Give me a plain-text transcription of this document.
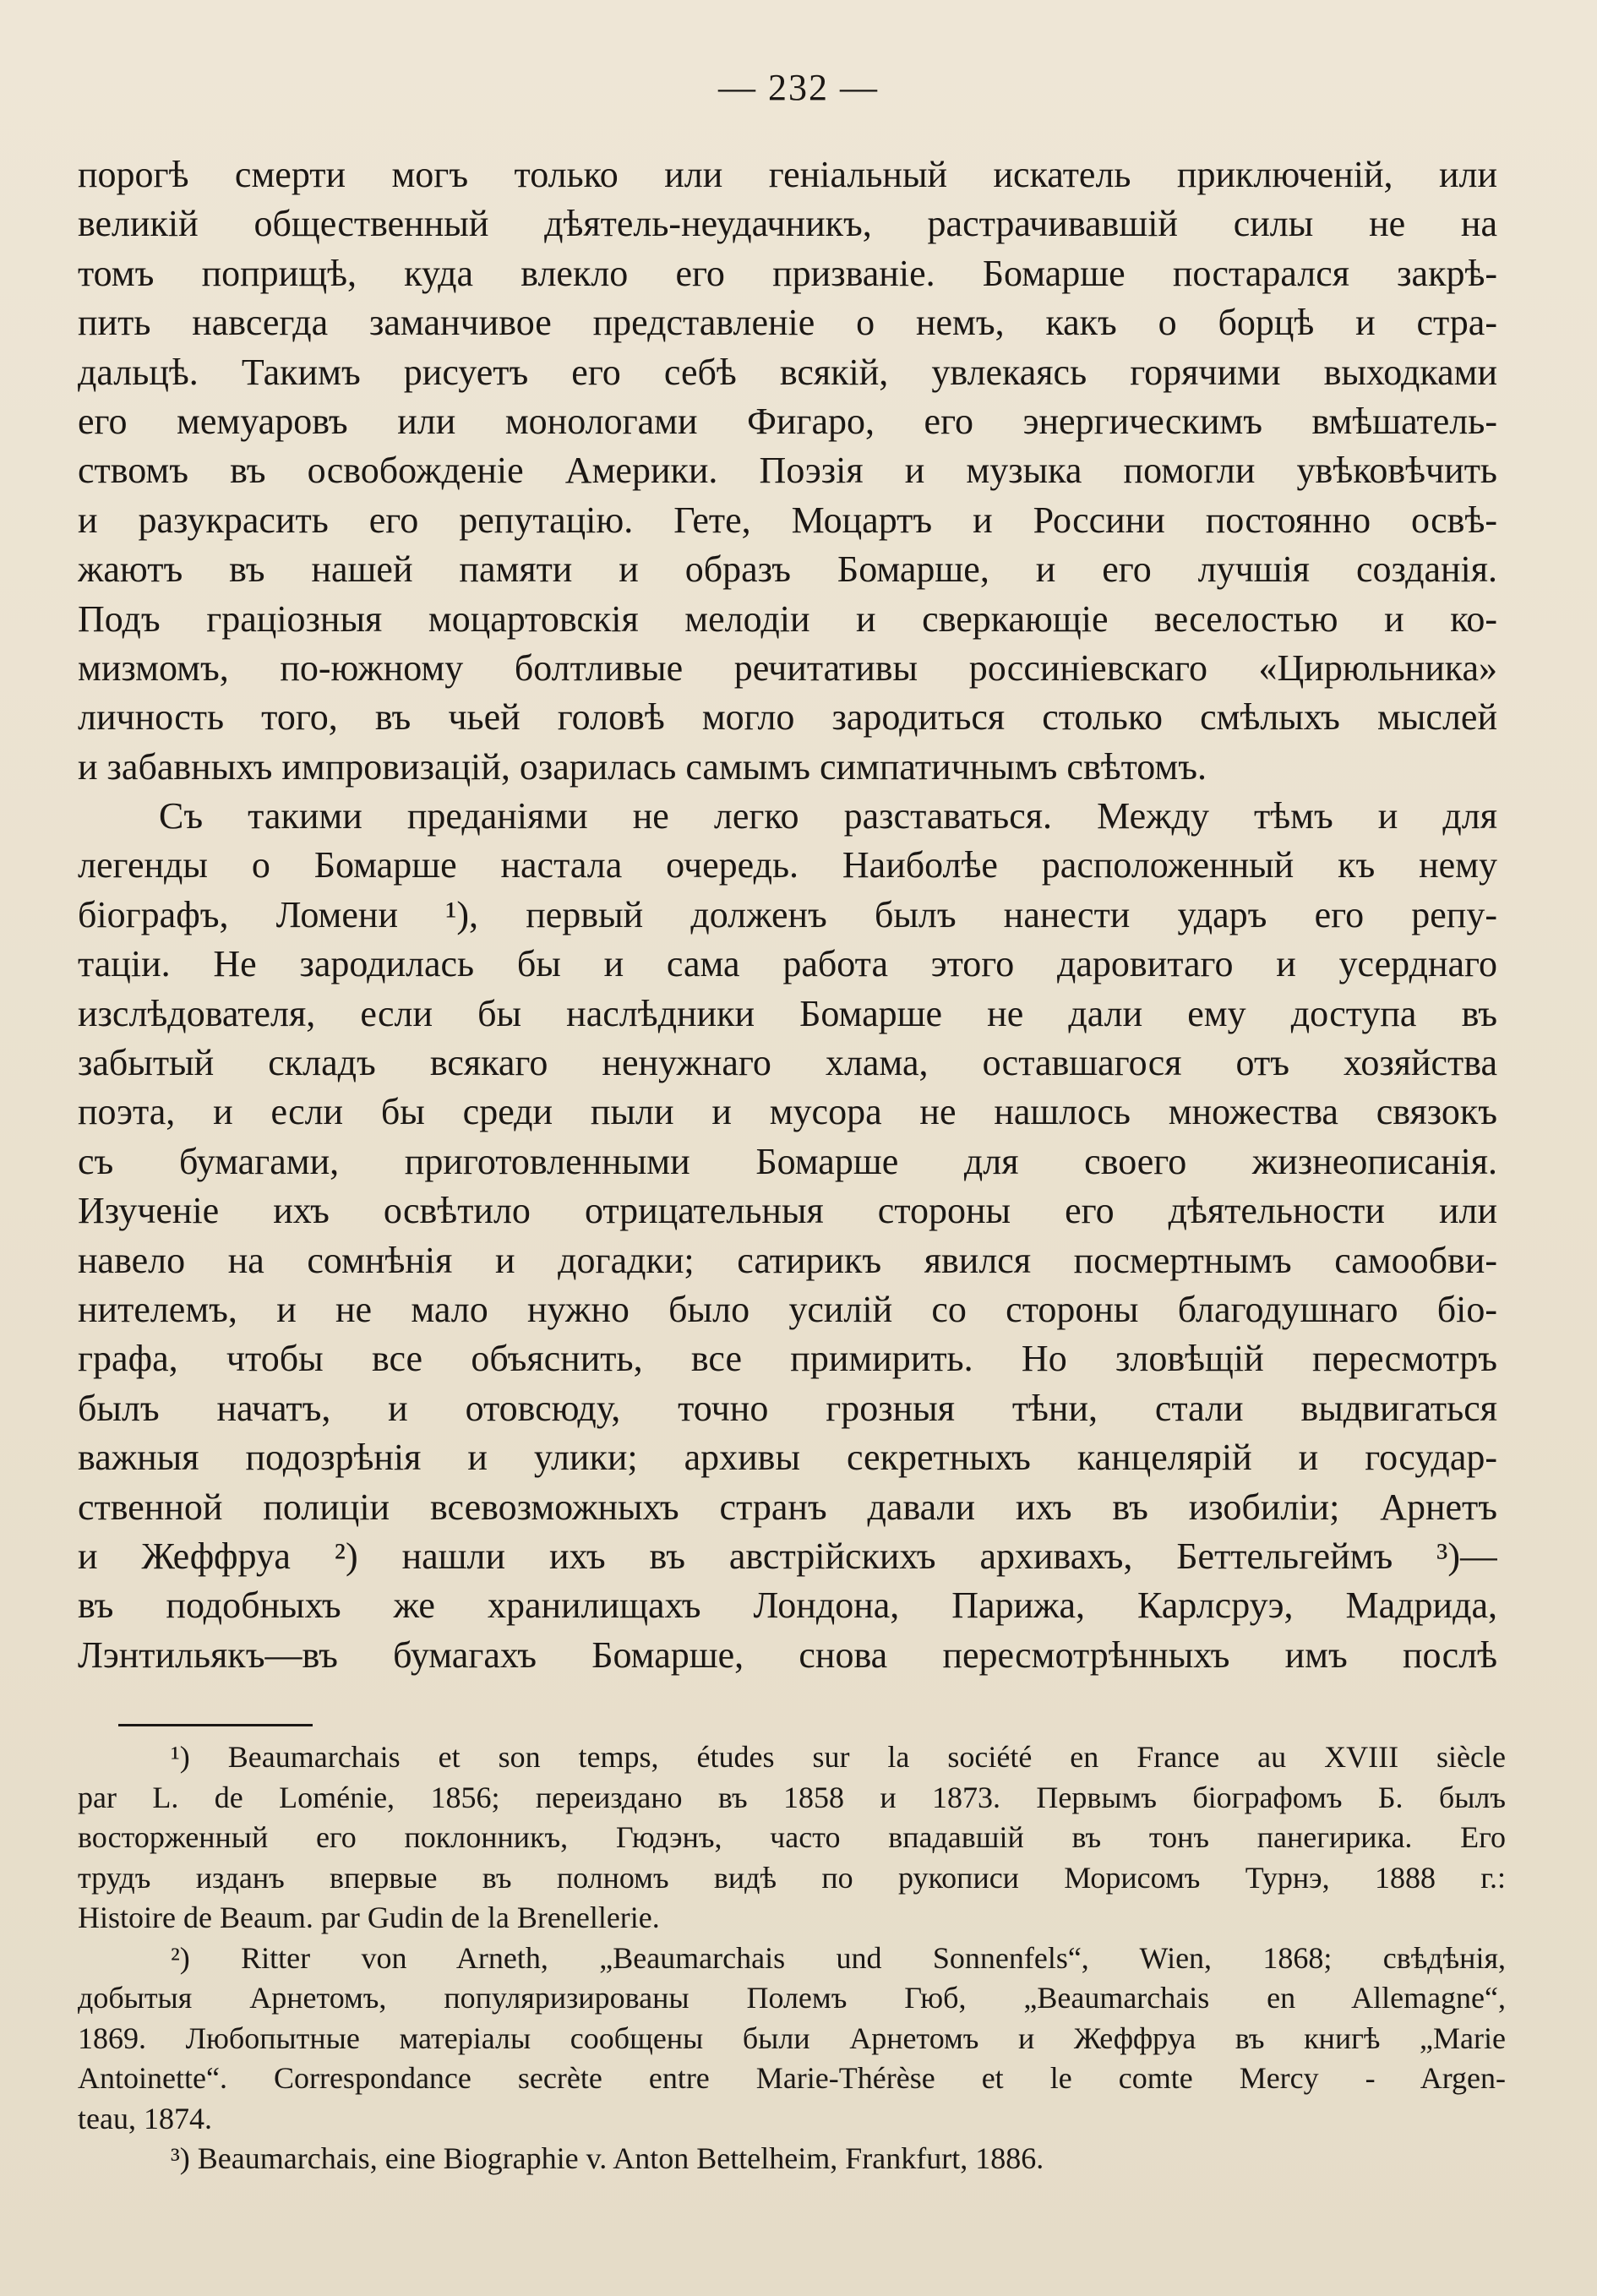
— 232 —
порогѣ смерти могъ только или геніальный искатель приключеній, или
великій общественный дѣятель-неудачникъ, растрачивавшій силы не на
томъ поприщѣ, куда влекло его призваніе. Бомарше постарался закрѣ-
пить навсегда заманчивое представленіе о немъ, какъ о борцѣ и стра-
дальцѣ. Такимъ рисуетъ его себѣ всякій, увлекаясь горячими выходками
его мемуаровъ или монологами Фигаро, его энергическимъ вмѣшатель-
ствомъ въ освобожденіе Америки. Поэзія и музыка помогли увѣковѣчить
и разукрасить его репутацію. Гете, Моцартъ и Россини постоянно освѣ-
жаютъ въ нашей памяти и образъ Бомарше, и его лучшія созданія.
Подъ граціозныя моцартовскія мелодіи и сверкающіе веселостью и ко-
мизмомъ, по-южному болтливые речитативы россиніевскаго «Цирюльника»
личность того, въ чьей головѣ могло зародиться столько смѣлыхъ мыслей
и забавныхъ импровизацій, озарилась самымъ симпатичнымъ свѣтомъ.
Съ такими преданіями не легко разставаться. Между тѣмъ и для
легенды о Бомарше настала очередь. Наиболѣе расположенный къ нему
біографъ, Ломени ¹), первый долженъ былъ нанести ударъ его репу-
таціи. Не зародилась бы и сама работа этого даровитаго и усерднаго
изслѣдователя, если бы наслѣдники Бомарше не дали ему доступа въ
забытый складъ всякаго ненужнаго хлама, оставшагося отъ хозяйства
поэта, и если бы среди пыли и мусора не нашлось множества связокъ
съ бумагами, приготовленными Бомарше для своего жизнеописанія.
Изученіе ихъ освѣтило отрицательныя стороны его дѣятельности или
навело на сомнѣнія и догадки; сатирикъ явился посмертнымъ самообви-
нителемъ, и не мало нужно было усилій со стороны благодушнаго біо-
графа, чтобы все объяснить, все примирить. Но зловѣщій пересмотръ
былъ начатъ, и отовсюду, точно грозныя тѣни, стали выдвигаться
важныя подозрѣнія и улики; архивы секретныхъ канцелярій и государ-
ственной полиціи всевозможныхъ странъ давали ихъ въ изобиліи; Арнетъ
и Жеффруа ²) нашли ихъ въ австрійскихъ архивахъ, Беттельгеймъ ³)—
въ подобныхъ же хранилищахъ Лондона, Парижа, Карлсруэ, Мадрида,
Лэнтильякъ—въ бумагахъ Бомарше, снова пересмотрѣнныхъ имъ послѣ
¹) Beaumarchais et son temps, études sur la société en France au XVIII siècle
par L. de Loménie, 1856; переиздано въ 1858 и 1873. Первымъ біографомъ Б. былъ
восторженный его поклонникъ, Гюдэнъ, часто впадавшій въ тонъ панегирика. Его
трудъ изданъ впервые въ полномъ видѣ по рукописи Морисомъ Турнэ, 1888 г.:
Histoire de Beaum. par Gudin de la Brenellerie.
²) Ritter von Arneth, „Beaumarchais und Sonnenfels“, Wien, 1868; свѣдѣнія,
добытыя Арнетомъ, популяризированы Полемъ Гюб, „Beaumarchais en Allemagne“,
1869. Любопытные матеріалы сообщены были Арнетомъ и Жеффруа въ книгѣ „Marie
Antoinette“. Correspondance secrète entre Marie-Thérèse et le comte Mercy - Argen-
teau, 1874.
³) Beaumarchais, eine Biographie v. Anton Bettelheim, Frankfurt, 1886.
